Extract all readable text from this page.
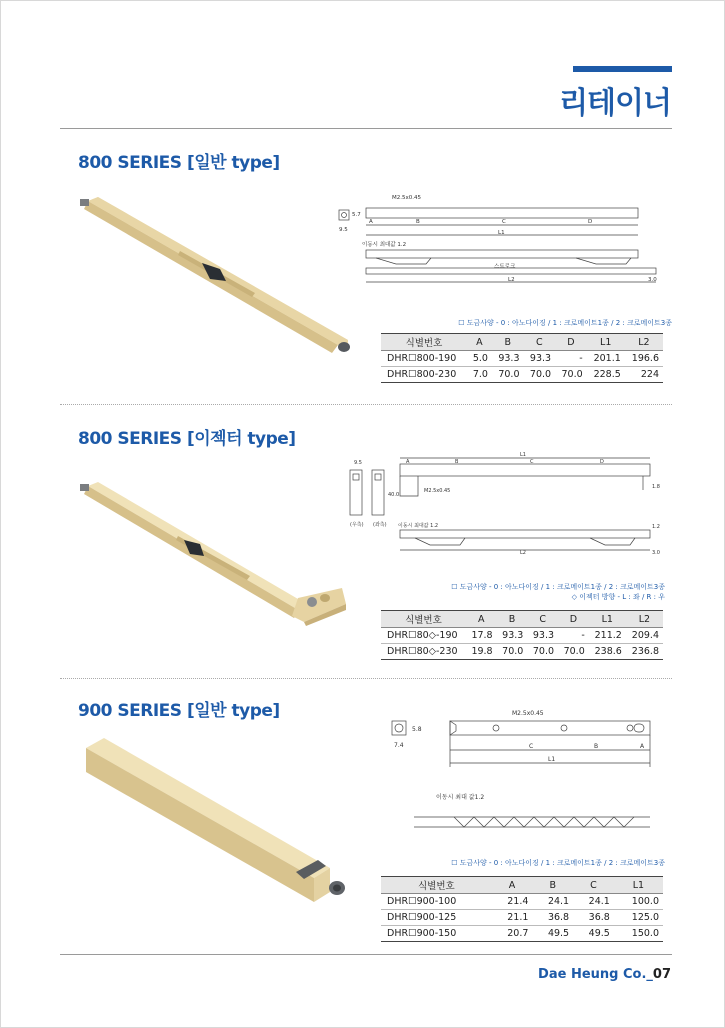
리테이너
800 SERIES [일반 type]
M2.5x0.45
5.7
9.5
A	B	C	D
L1
이동시 최대값 1.2
스트로크
L2	3.0
☐ 도금사양 - 0 : 아노다이징 / 1 : 크로메이트1종 / 2 : 크로메이트3종
식별번호	A	B	C	D	L1	L2
DHR☐800-190	5.0	93.3	93.3	-	201.1	196.6
DHR☐800-230	7.0	70.0	70.0	70.0	228.5	224
800 SERIES [이젝터 type]
9.5
(우측) (좌측)
A	B	C	D
L1
M2.5x0.45
40.0
1.8
1.2
이동시 최대값 1.2
L2	3.0
☐ 도금사양 - 0 : 아노다이징 / 1 : 크로메이트1종 / 2 : 크로메이트3종
◇ 이젝터 방향 - L : 좌 / R : 우
식별번호	A	B	C	D	L1	L2
DHR☐80◇-190	17.8	93.3	93.3	-	211.2	209.4
DHR☐80◇-230	19.8	70.0	70.0	70.0	238.6	236.8
900 SERIES [일반 type]	M2.5x0.45
5.8
7.4	C	B	A
L1
이동시 최대 값1.2
☐ 도금사양 - 0 : 아노다이징 / 1 : 크로메이트1종 / 2 : 크로메이트3종
식별번호	A	B	C	L1
DHR☐900-100	21.4	24.1	24.1	100.0
DHR☐900-125	21.1	36.8	36.8	125.0
DHR☐900-150	20.7	49.5	49.5	150.0
Dae Heung Co._07
